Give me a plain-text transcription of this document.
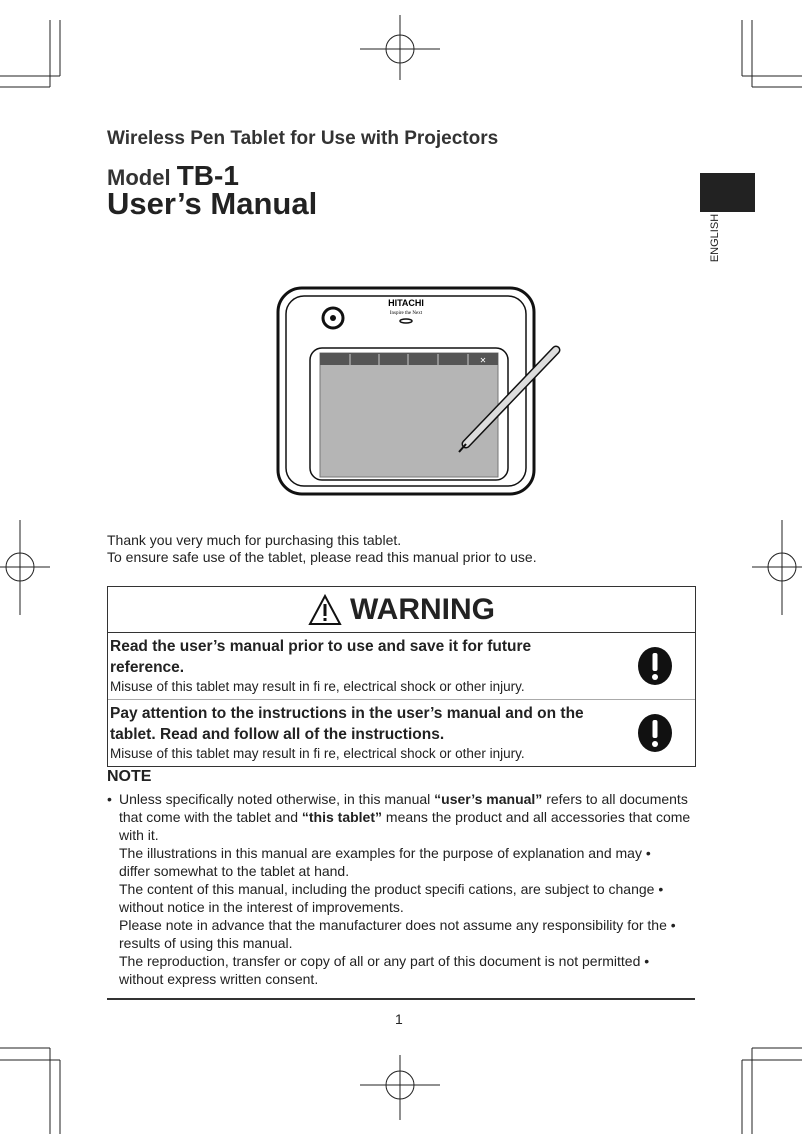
Wireless Pen Tablet for Use with Projectors
Model TB-1
User’s Manual
ENGLISH
HITACHI
Inspire the Next
✕
Thank you very much for purchasing this tablet.
To ensure safe use of the tablet, please read this manual prior to use.
WARNING
Read the user’s manual prior to use and save it for future reference.
Misuse of this tablet may result in fi re, electrical shock or other injury.
Pay attention to the instructions in the user’s manual and on the tablet. Read and follow all of the instructions.
Misuse of this tablet may result in fi re, electrical shock or other injury.
NOTE
• Unless specifically noted otherwise, in this manual “user’s manual” refers to all documents that come with the tablet and “this tablet” means the product and all accessories that come with it.
The illustrations in this manual are examples for the purpose of explanation and may •
differ somewhat to the tablet at hand.
The content of this manual, including the product specifi cations, are subject to change •
without notice in the interest of improvements.
Please note in advance that the manufacturer does not assume any responsibility for the •
results of using this manual.
The reproduction, transfer or copy of all or any part of this document is not permitted •
without express written consent.
1
